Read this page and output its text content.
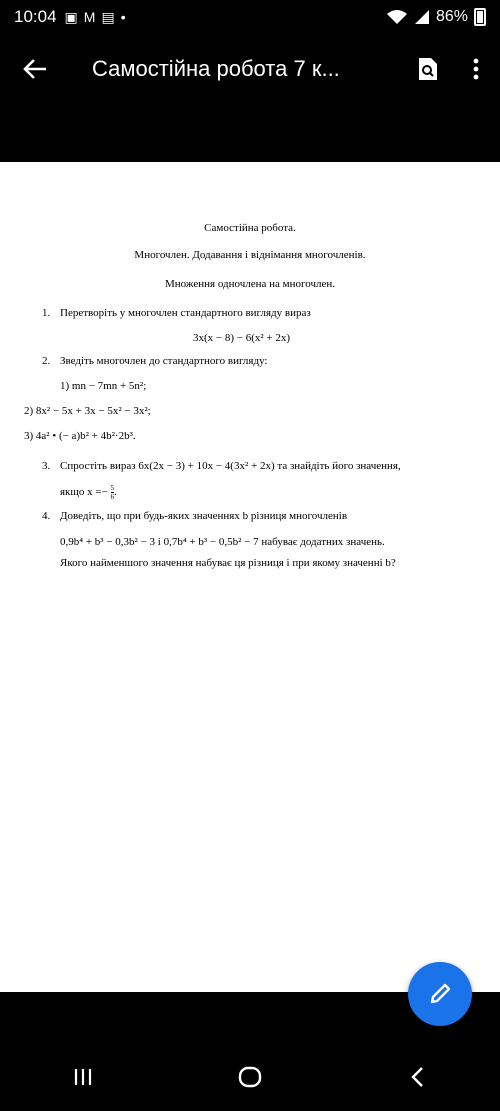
10:04 ▣ M ▤ •	86%
Самостійна робота 7 к...
Самостійна робота.
Многочлен. Додавання і віднімання многочленів.
Множення одночлена на многочлен.
1. Перетворіть у многочлен стандартного вигляду вираз
3x(x − 8) − 6(x² + 2x)
2. Зведіть многочлен до стандартного вигляду:
1) mn − 7mn + 5n²;
2) 8x² − 5x + 3x − 5x² − 3x²;
3) 4a² • (− a)b² + 4b²·2b³.
3. Спростіть вираз 6x(2x − 3) + 10x − 4(3x² + 2x) та знайдіть його значення,
якщо $x =- \frac{5}{6}$ .
4. Доведіть, що при будь-яких значеннях b різниця многочленів
0,9b⁴ + b³ − 0,3b² − 3 і 0,7b⁴ + b³ − 0,5b² − 7 набуває додатних значень.
Якого найменшого значення набуває ця різниця і при якому значенні b?
